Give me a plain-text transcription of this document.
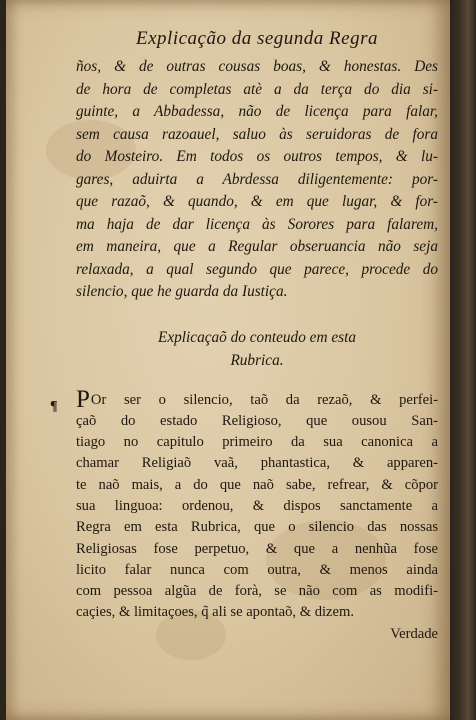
Explicação da segunda Regra

ños, & de outras cousas boas, & honestas. Des
de hora de completas atè a da terça do dia si-
guinte, a Abbadessa, não de licença para falar,
sem causa razoauel, saluo às seruidoras de fora
do Mosteiro. Em todos os outros tempos, & lu-
gares, aduirta a Abrdessa diligentemente: por-
que razaõ, & quando, & em que lugar, & for-
ma haja de dar licença às Sorores para falarem,
em maneira, que a Regular obseruancia não seja
relaxada, a qual segundo que parece, procede do
silencio, que he guarda da Iustiça.

Explicaçaõ do conteudo em esta
Rubrica.

¶ POr ser o silencio, taõ da rezaõ, & perfei-
çaõ do estado Religioso, que ousou San-
tiago no capitulo primeiro da sua canonica a
chamar Religiaõ vaã, phantastica, & apparen-
te naõ mais, a do que naõ sabe, refrear, & cõpor
sua linguoa: ordenou, & dispos sanctamente a
Regra em esta Rubrica, que o silencio das nossas
Religiosas fose perpetuo, & que a nenhũa fose
licito falar nunca com outra, & menos ainda
com pessoa algũa de forà, se não com as modifi-
caçies, & limitaçoes, q̃ ali se apontaõ, & dizem.

Verdade
